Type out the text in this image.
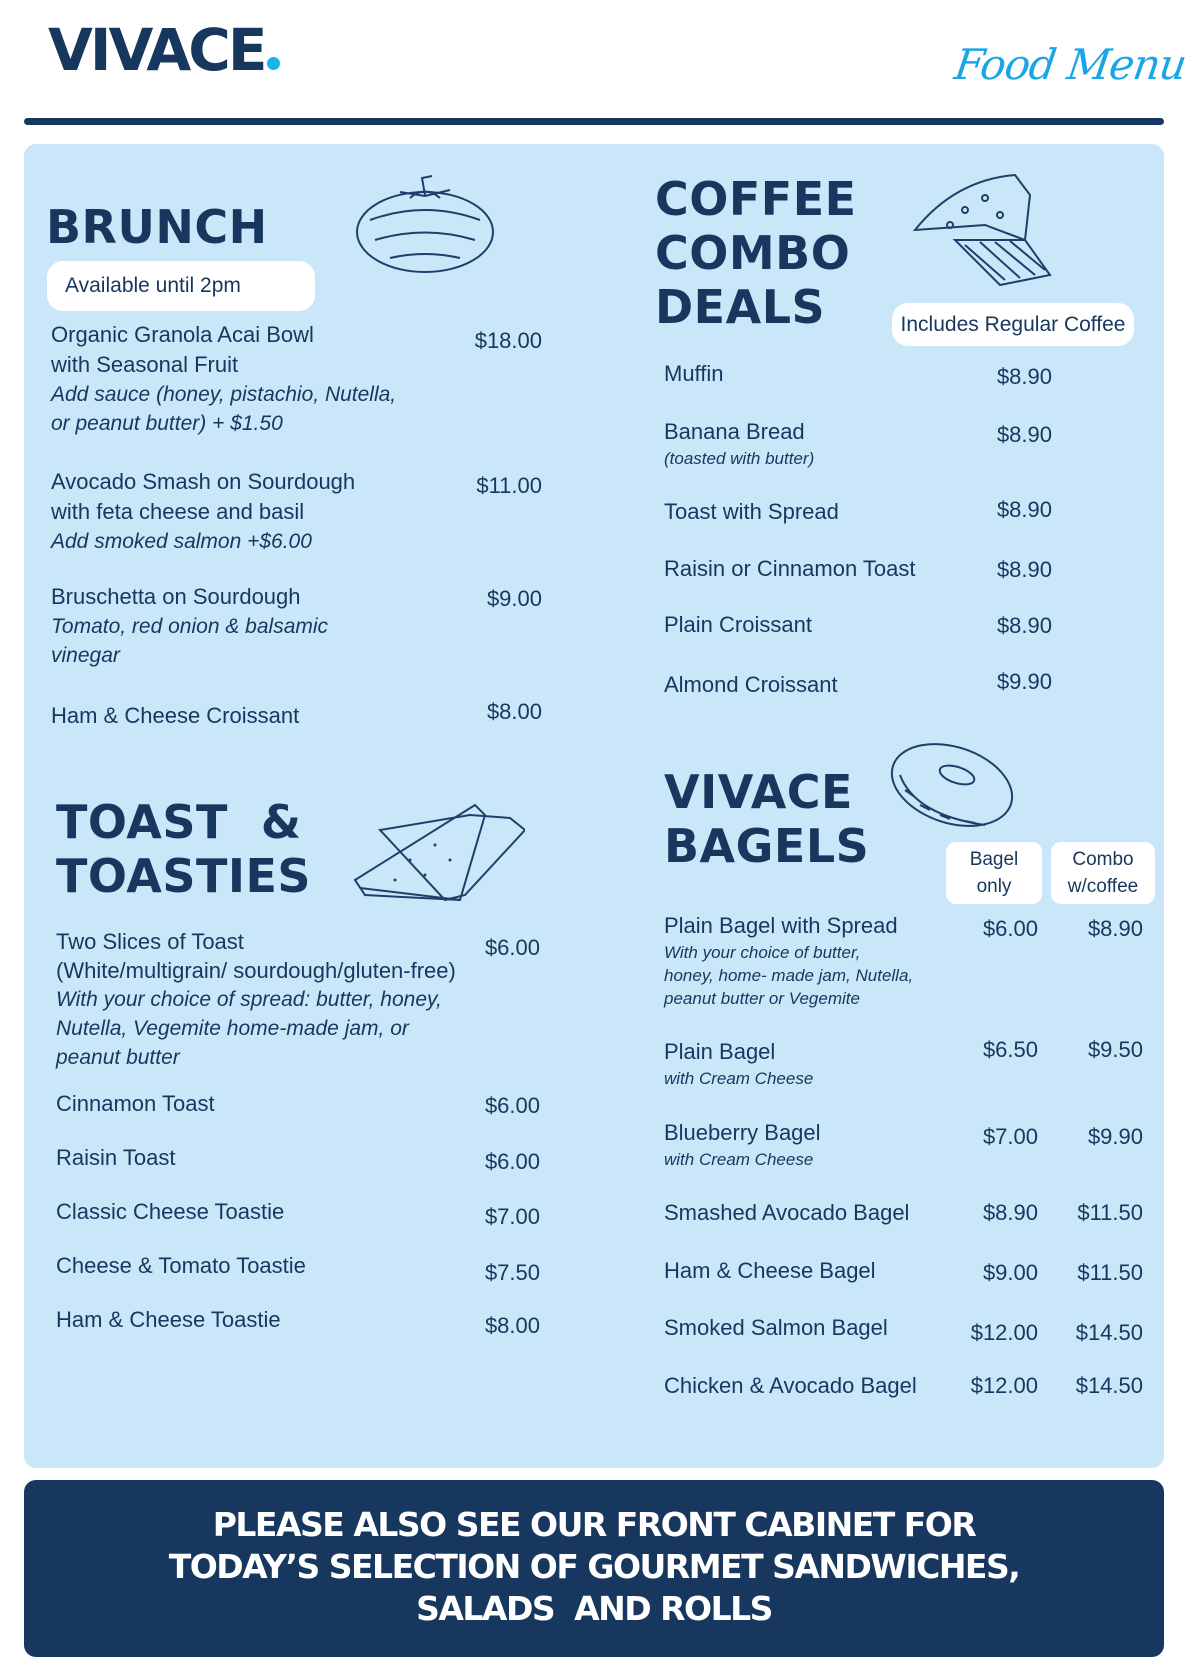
VIVACE	Food Menu
BRUNCH
Available until 2pm
Organic Granola Acai Bowl
with Seasonal Fruit
Add sauce (honey, pistachio, Nutella,
or peanut butter) + $1.50
$18.00
Avocado Smash on Sourdough
with feta cheese and basil
Add smoked salmon +$6.00
$11.00
Bruschetta on Sourdough
Tomato, red onion & balsamic
vinegar
$9.00
Ham & Cheese Croissant	$8.00
TOAST  &
TOASTIES
Two Slices of Toast
(White/multigrain/ sourdough/gluten-free)
With your choice of spread: butter, honey,
Nutella, Vegemite home-made jam, or
peanut butter
$6.00
Cinnamon Toast	$6.00
Raisin Toast	$6.00
Classic Cheese Toastie	$7.00
Cheese & Tomato Toastie	$7.50
Ham & Cheese Toastie	$8.00
COFFEE
COMBO
DEALS	Includes Regular Coffee
Muffin	$8.90
Banana Bread
(toasted with butter)
$8.90
Toast with Spread	$8.90
Raisin or Cinnamon Toast	$8.90
Plain Croissant	$8.90
Almond Croissant	$9.90
VIVACE
BAGELS	Bagel
only
Combo
w/coffee
Plain Bagel with Spread
With your choice of butter,
honey, home- made jam, Nutella,
peanut butter or Vegemite
$6.00	$8.90
Plain Bagel
with Cream Cheese
$6.50	$9.50
Blueberry Bagel
with Cream Cheese
$7.00	$9.90
Smashed Avocado Bagel	$8.90	$11.50
Ham & Cheese Bagel	$9.00	$11.50
Smoked Salmon Bagel	$12.00	$14.50
Chicken & Avocado Bagel	$12.00	$14.50
PLEASE ALSO SEE OUR FRONT CABINET FOR
TODAY’S SELECTION OF GOURMET SANDWICHES,
SALADS  AND ROLLS
